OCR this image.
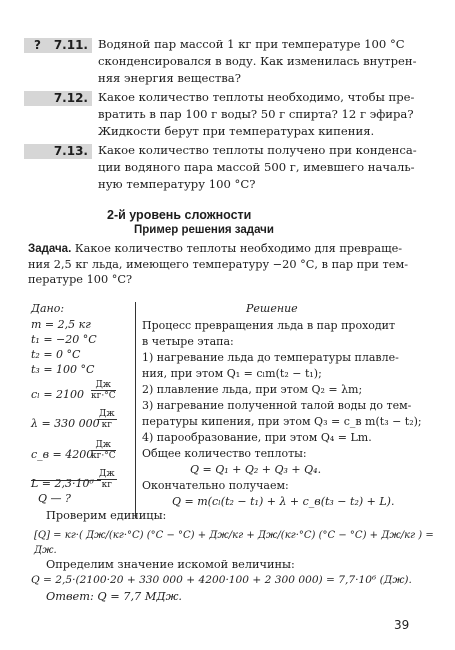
? 7.11. Водяной пар массой 1 кг при температуре 100 °С
сконденсировался в воду. Как изменилась внутрен-
няя энергия вещества?
7.12. Какое количество теплоты необходимо, чтобы пре-
вратить в пар 100 г воды? 50 г спирта? 12 г эфира?
Жидкости берут при температурах кипения.
7.13. Какое количество теплоты получено при конденса-
ции водяного пара массой 500 г, имевшего началь-
ную температуру 100 °С?
2-й уровень сложности
Пример решения задачи
Задача. Какое количество теплоты необходимо для превраще-
ния 2,5 кг льда, имеющего температуру −20 °С, в пар при тем-
пературе 100 °С?
Дано:
m = 2,5 кг
t₁ = −20 °С
t₂ = 0 °С
t₃ = 100 °С
cₗ = 2100
Дж
кг·°С
λ = 330 000
Дж
кг
c_в = 4200
Дж
кг·°С
L = 2,3·10⁶
Дж
кг
Q — ?
Решение
Процесс превращения льда в пар проходит
в четыре этапа:
1) нагревание льда до температуры плавле-
ния, при этом Q₁ = cₗm(t₂ − t₁);
2) плавление льда, при этом Q₂ = λm;
3) нагревание полученной талой воды до тем-
пературы кипения, при этом Q₃ = c_в m(t₃ − t₂);
4) парообразование, при этом Q₄ = Lm.
Общее количество теплоты:
Q = Q₁ + Q₂ + Q₃ + Q₄.
Окончательно получаем:
Q = m(cₗ(t₂ − t₁) + λ + c_в(t₃ − t₂) + L).
Проверим единицы:
[Q] = кг·( Дж/(кг·°С) (°С − °С) + Дж/кг + Дж/(кг·°С) (°С − °С) + Дж/кг ) = Дж.
Определим значение искомой величины:
Q = 2,5·(2100·20 + 330 000 + 4200·100 + 2 300 000) = 7,7·10⁶ (Дж).
Ответ: Q = 7,7 МДж.
39
